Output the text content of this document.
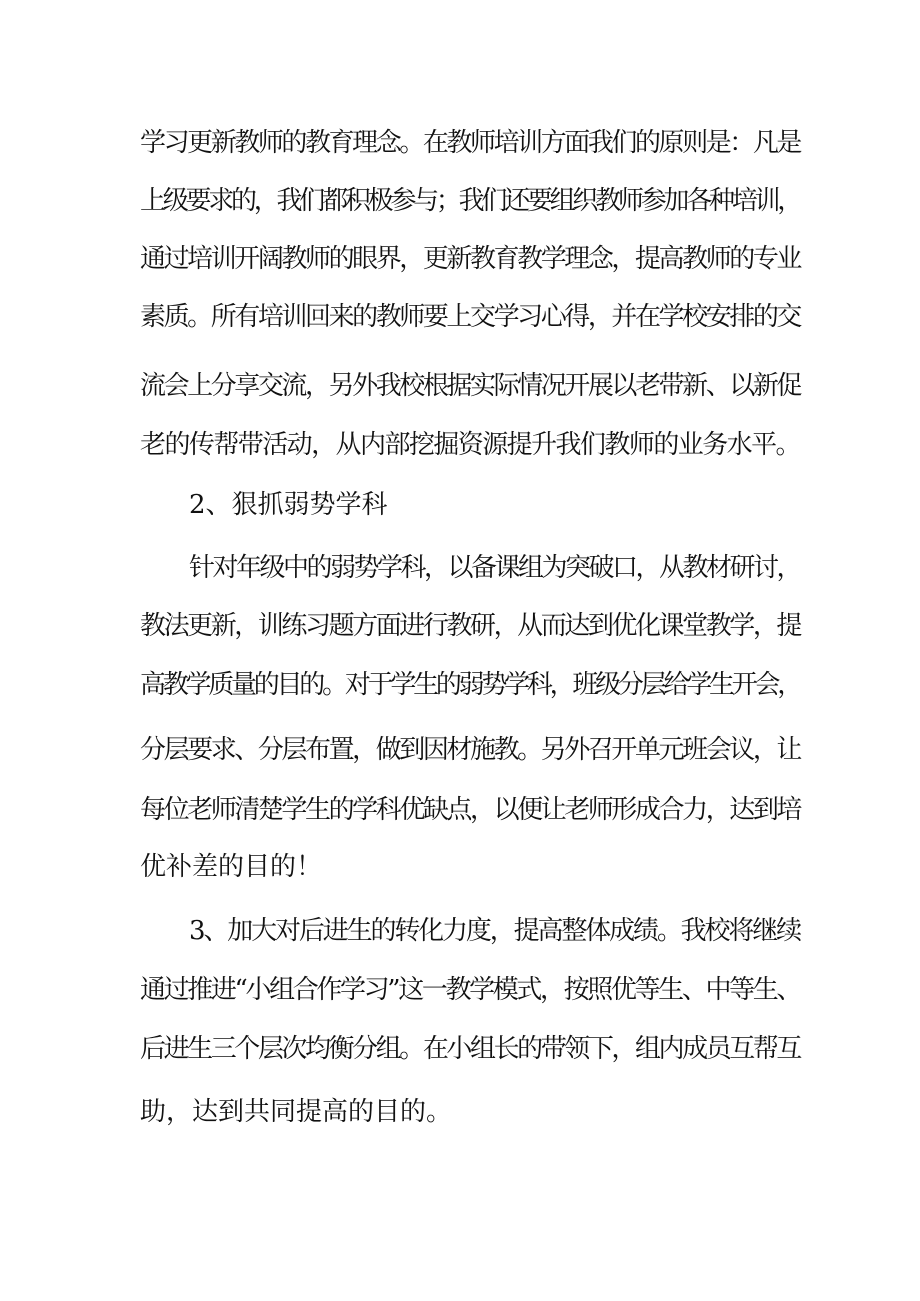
学习更新教师的教育理念。在教师培训方面我们的原则是：凡是
上级要求的，我们都积极参与；我们还要组织教师参加各种培训，
通过培训开阔教师的眼界，更新教育教学理念，提高教师的专业
素质。所有培训回来的教师要上交学习心得，并在学校安排的交
流会上分享交流，另外我校根据实际情况开展以老带新、以新促
老的传帮带活动，从内部挖掘资源提升我们教师的业务水平。
2、狠抓弱势学科
针对年级中的弱势学科，以备课组为突破口，从教材研讨，
教法更新，训练习题方面进行教研，从而达到优化课堂教学，提
高教学质量的目的。对于学生的弱势学科，班级分层给学生开会，
分层要求、分层布置，做到因材施教。另外召开单元班会议，让
每位老师清楚学生的学科优缺点，以便让老师形成合力，达到培
优补差的目的！
3、加大对后进生的转化力度，提高整体成绩。我校将继续
通过推进“小组合作学习”这一教学模式，按照优等生、中等生、
后进生三个层次均衡分组。在小组长的带领下，组内成员互帮互
助，达到共同提高的目的。
